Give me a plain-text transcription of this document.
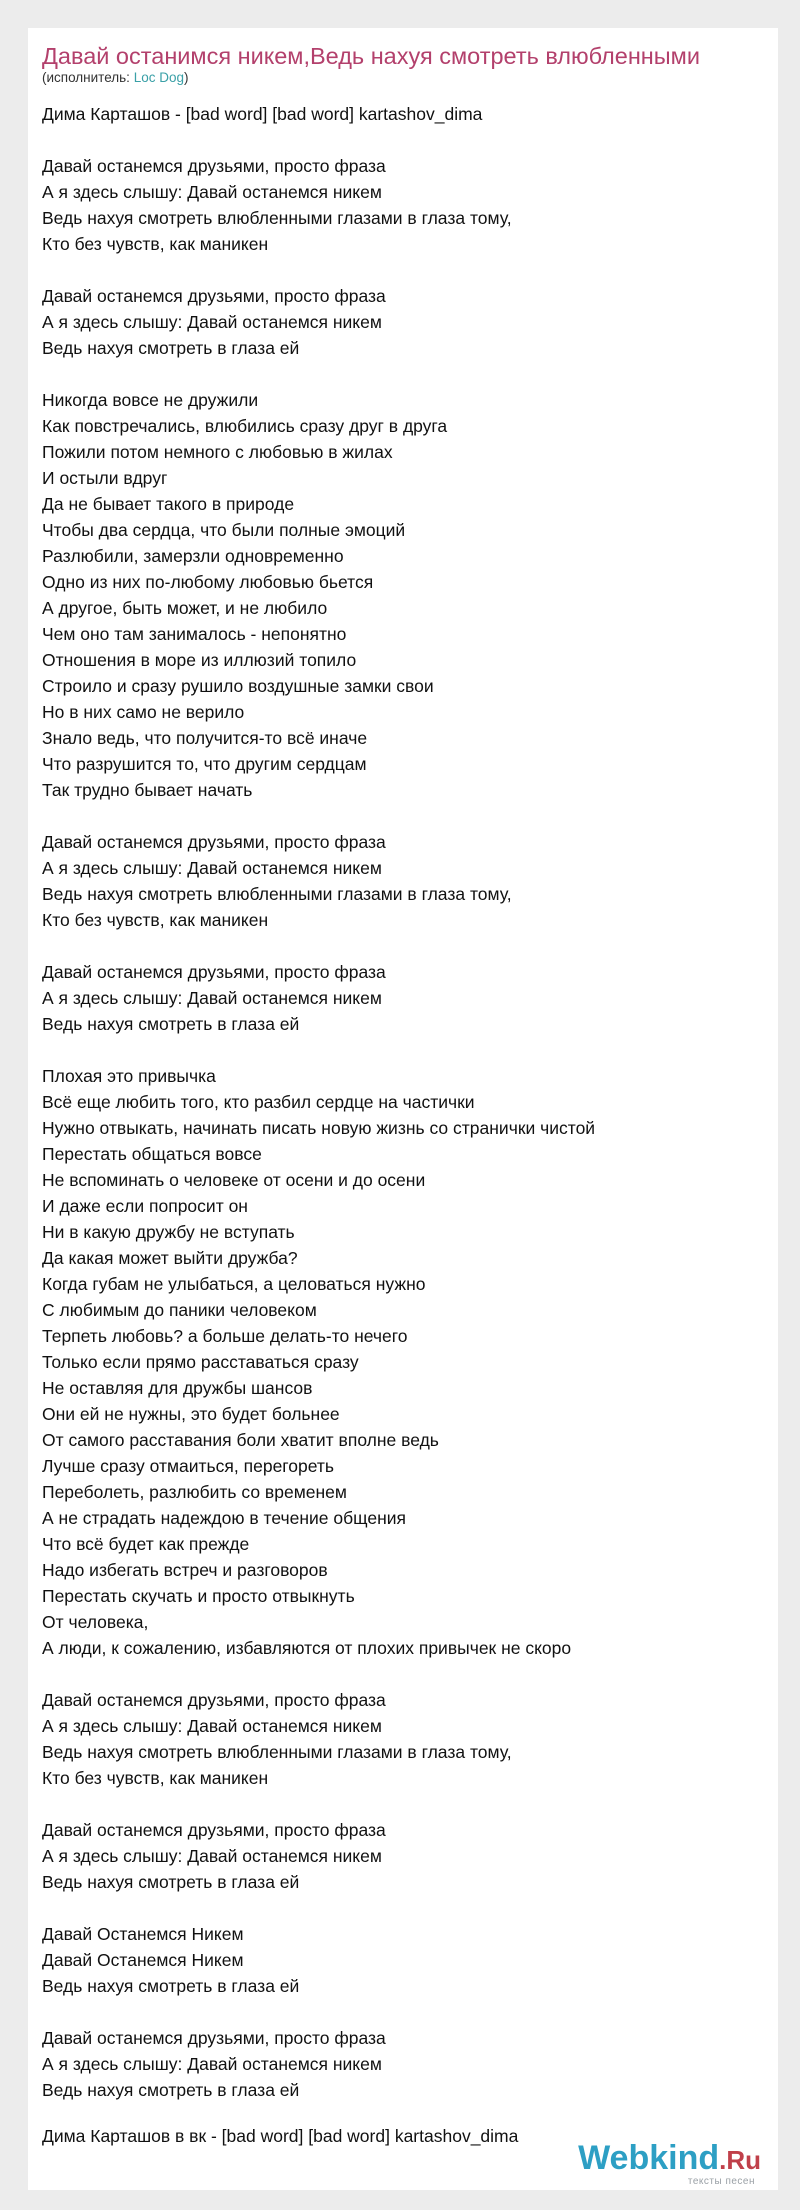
Давай останимся никем,Ведь нахуя смотреть влюбленными

(исполнитель: Loc Dog)

Дима Карташов - [bad word] [bad word] kartashov_dima
Давай останемся друзьями, просто фраза
А я здесь слышу: Давай останемся никем
Ведь нахуя смотреть влюбленными глазами в глаза тому,
Кто без чувств, как маникен
Давай останемся друзьями, просто фраза
А я здесь слышу: Давай останемся никем
Ведь нахуя смотреть в глаза ей
Никогда вовсе не дружили
Как повстречались, влюбились сразу друг в друга
Пожили потом немного с любовью в жилах
И остыли вдруг
Да не бывает такого в природе
Чтобы два сердца, что были полные эмоций
Разлюбили, замерзли одновременно
Одно из них по-любому любовью бьется
А другое, быть может, и не любило
Чем оно там занималось - непонятно
Отношения в море из иллюзий топило
Строило и сразу рушило воздушные замки свои
Но в них само не верило
Знало ведь, что получится-то всё иначе
Что разрушится то, что другим сердцам
Так трудно бывает начать
Давай останемся друзьями, просто фраза
А я здесь слышу: Давай останемся никем
Ведь нахуя смотреть влюбленными глазами в глаза тому,
Кто без чувств, как маникен
Давай останемся друзьями, просто фраза
А я здесь слышу: Давай останемся никем
Ведь нахуя смотреть в глаза ей
Плохая это привычка
Всё еще любить того, кто разбил сердце на частички
Нужно отвыкать, начинать писать новую жизнь со странички чистой
Перестать общаться вовсе
Не вспоминать о человеке от осени и до осени
И даже если попросит он
Ни в какую дружбу не вступать
Да какая может выйти дружба?
Когда губам не улыбаться, а целоваться нужно
С любимым до паники человеком
Терпеть любовь? а больше делать-то нечего
Только если прямо расставаться сразу
Не оставляя для дружбы шансов
Они ей не нужны, это будет больнее
От самого расставания боли хватит вполне ведь
Лучше сразу отмаиться, перегореть
Переболеть, разлюбить со временем
А не страдать надеждою в течение общения
Что всё будет как прежде
Надо избегать встреч и разговоров
Перестать скучать и просто отвыкнуть
От человека,
А люди, к сожалению, избавляются от плохих привычек не скоро
Давай останемся друзьями, просто фраза
А я здесь слышу: Давай останемся никем
Ведь нахуя смотреть влюбленными глазами в глаза тому,
Кто без чувств, как маникен
Давай останемся друзьями, просто фраза
А я здесь слышу: Давай останемся никем
Ведь нахуя смотреть в глаза ей
Давай Останемся Никем
Давай Останемся Никем
Ведь нахуя смотреть в глаза ей
Давай останемся друзьями, просто фраза
А я здесь слышу: Давай останемся никем
Ведь нахуя смотреть в глаза ей
Дима Карташов в вк - [bad word] [bad word] kartashov_dima
Webkind.Ru
тексты песен
